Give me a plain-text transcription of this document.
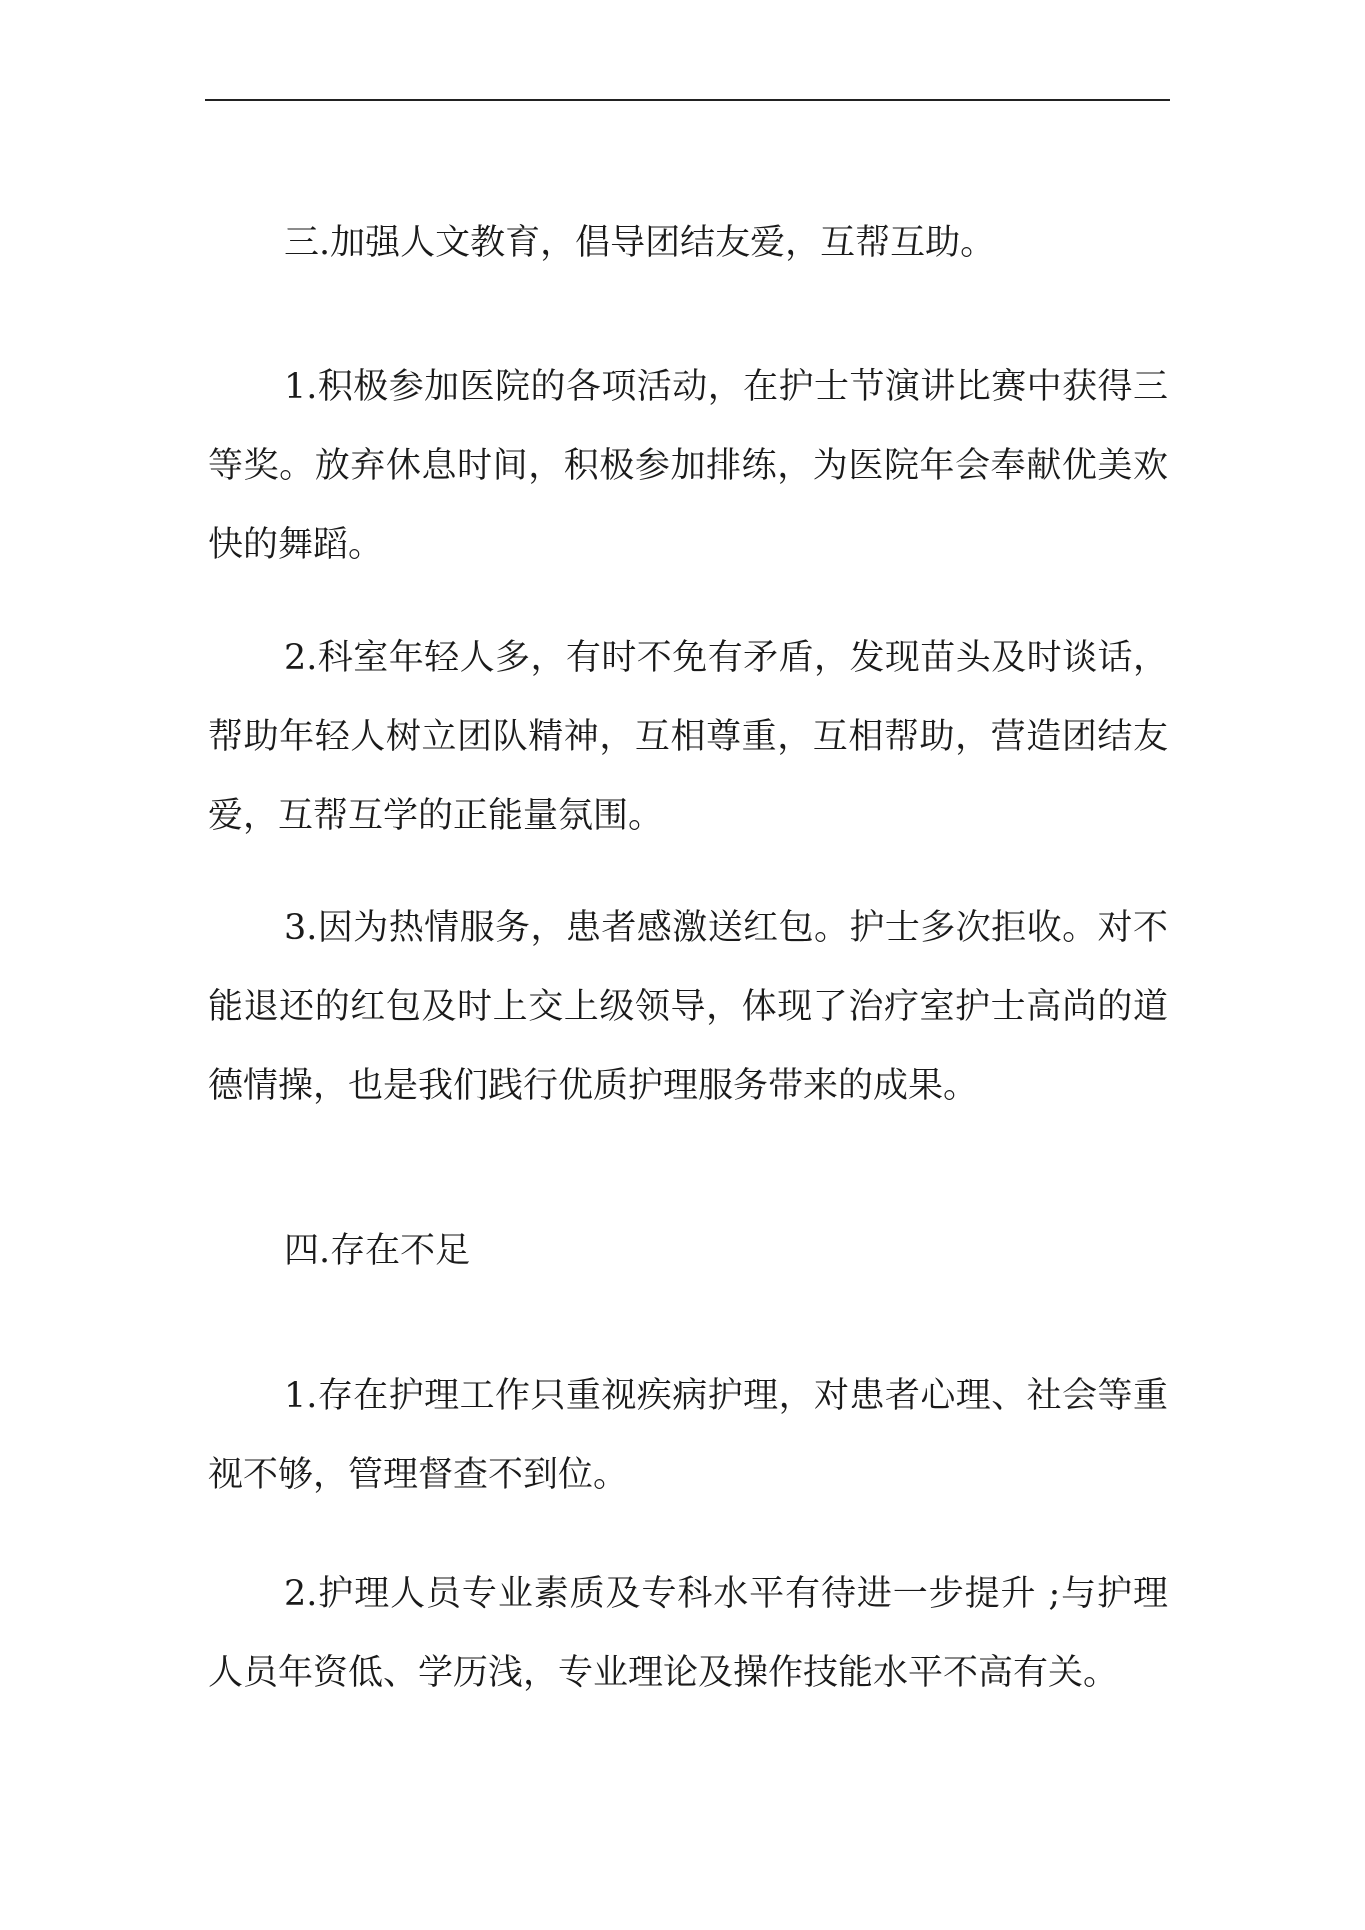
三.加强人文教育，倡导团结友爱，互帮互助。

1.积极参加医院的各项活动，在护士节演讲比赛中获得三等奖。放弃休息时间，积极参加排练，为医院年会奉献优美欢快的舞蹈。

2.科室年轻人多，有时不免有矛盾，发现苗头及时谈话，帮助年轻人树立团队精神，互相尊重，互相帮助，营造团结友爱，互帮互学的正能量氛围。

3.因为热情服务，患者感激送红包。护士多次拒收。对不能退还的红包及时上交上级领导，体现了治疗室护士高尚的道德情操，也是我们践行优质护理服务带来的成果。

四.存在不足

1.存在护理工作只重视疾病护理，对患者心理、社会等重视不够，管理督查不到位。

2.护理人员专业素质及专科水平有待进一步提升 ;与护理人员年资低、学历浅，专业理论及操作技能水平不高有关。
